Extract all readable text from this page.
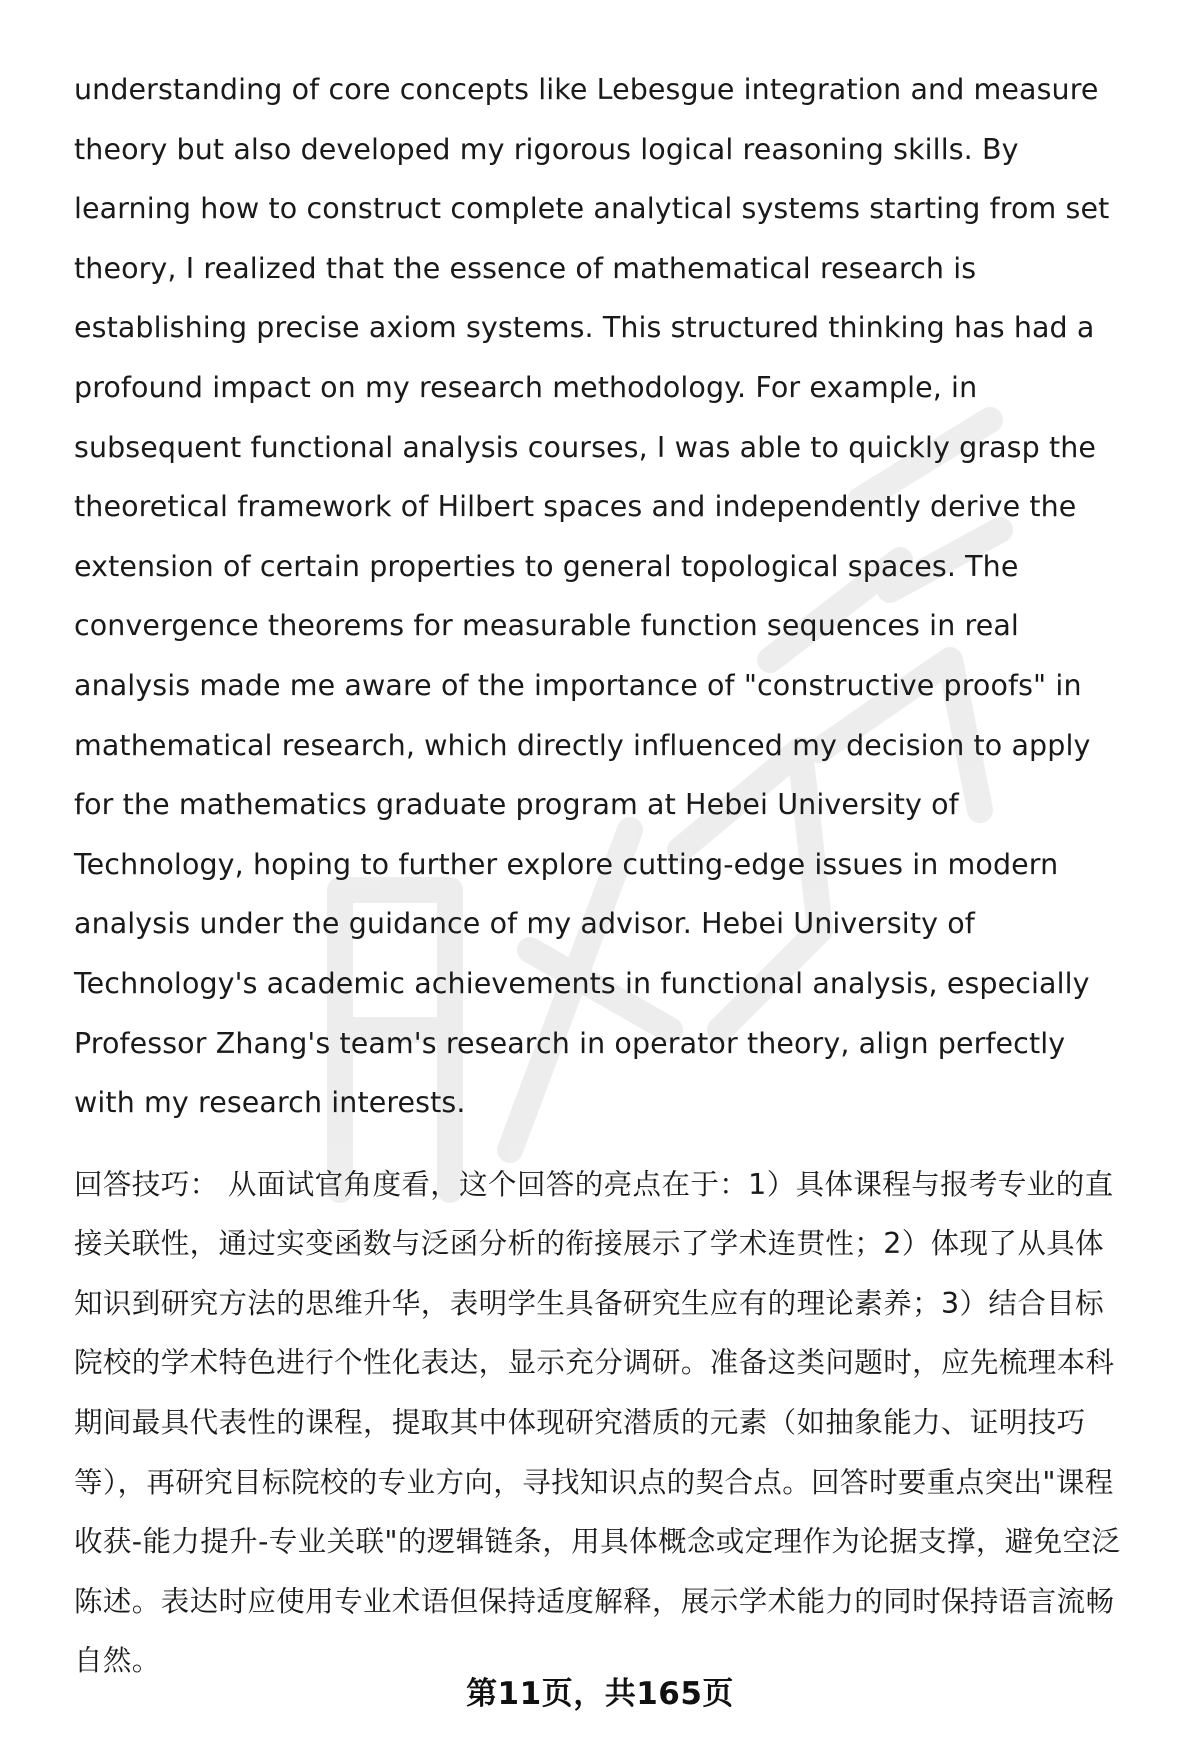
understanding of core concepts like Lebesgue integration and measure theory but also developed my rigorous logical reasoning skills. By learning how to construct complete analytical systems starting from set theory, I realized that the essence of mathematical research is establishing precise axiom systems. This structured thinking has had a profound impact on my research methodology. For example, in subsequent functional analysis courses, I was able to quickly grasp the theoretical framework of Hilbert spaces and independently derive the extension of certain properties to general topological spaces. The convergence theorems for measurable function sequences in real analysis made me aware of the importance of "constructive proofs" in mathematical research, which directly influenced my decision to apply for the mathematics graduate program at Hebei University of Technology, hoping to further explore cutting-edge issues in modern analysis under the guidance of my advisor. Hebei University of Technology's academic achievements in functional analysis, especially Professor Zhang's team's research in operator theory, align perfectly with my research interests.

回答技巧： 从面试官角度看，这个回答的亮点在于：1）具体课程与报考专业的直接关联性，通过实变函数与泛函分析的衔接展示了学术连贯性；2）体现了从具体知识到研究方法的思维升华，表明学生具备研究生应有的理论素养；3）结合目标院校的学术特色进行个性化表达，显示充分调研。准备这类问题时，应先梳理本科期间最具代表性的课程，提取其中体现研究潜质的元素（如抽象能力、证明技巧等），再研究目标院校的专业方向，寻找知识点的契合点。回答时要重点突出"课程收获-能力提升-专业关联"的逻辑链条，用具体概念或定理作为论据支撑，避免空泛陈述。表达时应使用专业术语但保持适度解释，展示学术能力的同时保持语言流畅自然。

第11页，共165页
